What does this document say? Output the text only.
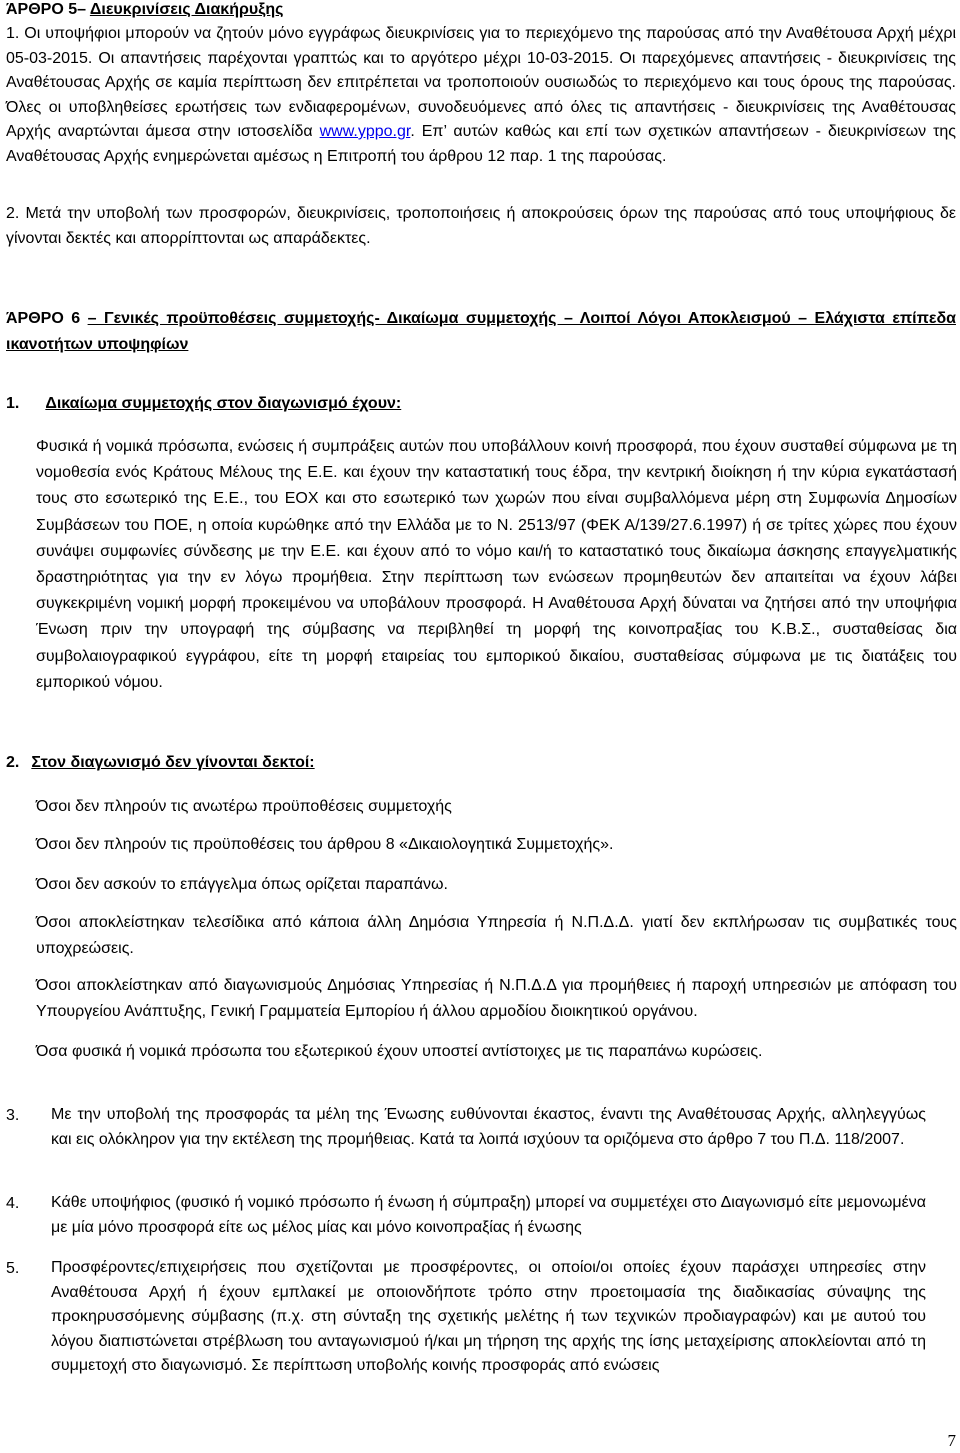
ΆΡΘΡΟ 5– Διευκρινίσεις Διακήρυξης

1. Οι υποψήφιοι μπορούν να ζητούν μόνο εγγράφως διευκρινίσεις για το περιεχόμενο της παρούσας από την Αναθέτουσα Αρχή μέχρι 05-03-2015. Οι απαντήσεις παρέχονται γραπτώς και το αργότερο μέχρι 10-03-2015. Οι παρεχόμενες απαντήσεις - διευκρινίσεις της Αναθέτουσας Αρχής σε καμία περίπτωση δεν επιτρέπεται να τροποποιούν ουσιωδώς το περιεχόμενο και τους όρους της παρούσας. Όλες οι υποβληθείσες ερωτήσεις των ενδιαφερομένων, συνοδευόμενες από όλες τις απαντήσεις - διευκρινίσεις της Αναθέτουσας Αρχής αναρτώνται άμεσα στην ιστοσελίδα www.yppo.gr. Επ’ αυτών καθώς και επί των σχετικών απαντήσεων - διευκρινίσεων της Αναθέτουσας Αρχής ενημερώνεται αμέσως η Επιτροπή του άρθρου 12 παρ. 1 της παρούσας.

2. Μετά την υποβολή των προσφορών, διευκρινίσεις, τροποποιήσεις ή αποκρούσεις όρων της παρούσας από τους υποψήφιους δε γίνονται δεκτές και απορρίπτονται ως απαράδεκτες.

ΆΡΘΡΟ 6 – Γενικές προϋποθέσεις συμμετοχής- Δικαίωμα συμμετοχής – Λοιποί Λόγοι Αποκλεισμού – Ελάχιστα επίπεδα ικανοτήτων υποψηφίων
1. Δικαίωμα συμμετοχής στον διαγωνισμό έχουν:

Φυσικά ή νομικά πρόσωπα, ενώσεις ή συμπράξεις αυτών που υποβάλλουν κοινή προσφορά, που έχουν συσταθεί σύμφωνα με τη νομοθεσία ενός Κράτους Μέλους της Ε.Ε. και έχουν την καταστατική τους έδρα, την κεντρική διοίκηση ή την κύρια εγκατάστασή τους στο εσωτερικό της Ε.Ε., του ΕΟΧ και στο εσωτερικό των χωρών που είναι συμβαλλόμενα μέρη στη Συμφωνία Δημοσίων Συμβάσεων του ΠΟΕ, η οποία κυρώθηκε από την Ελλάδα με το Ν. 2513/97 (ΦΕΚ Α/139/27.6.1997) ή σε τρίτες χώρες που έχουν συνάψει συμφωνίες σύνδεσης με την Ε.Ε. και έχουν από το νόμο και/ή το καταστατικό τους δικαίωμα άσκησης επαγγελματικής δραστηριότητας για την εν λόγω προμήθεια. Στην περίπτωση των ενώσεων προμηθευτών δεν απαιτείται να έχουν λάβει συγκεκριμένη νομική μορφή προκειμένου να υποβάλουν προσφορά. Η Αναθέτουσα Αρχή δύναται να ζητήσει από την υποψήφια Ένωση πριν την υπογραφή της σύμβασης να περιβληθεί τη μορφή της κοινοπραξίας του Κ.Β.Σ., συσταθείσας δια συμβολαιογραφικού εγγράφου, είτε τη μορφή εταιρείας του εμπορικού δικαίου, συσταθείσας σύμφωνα με τις διατάξεις του εμπορικού νόμου.

2. Στον διαγωνισμό δεν γίνονται δεκτοί:

Όσοι δεν πληρούν τις ανωτέρω προϋποθέσεις συμμετοχής

Όσοι δεν πληρούν τις προϋποθέσεις του άρθρου 8 «Δικαιολογητικά Συμμετοχής».

Όσοι δεν ασκούν το επάγγελμα όπως ορίζεται παραπάνω.

Όσοι αποκλείστηκαν τελεσίδικα από κάποια άλλη Δημόσια Υπηρεσία ή Ν.Π.Δ.Δ. γιατί δεν εκπλήρωσαν τις συμβατικές τους υποχρεώσεις.

Όσοι αποκλείστηκαν από διαγωνισμούς Δημόσιας Υπηρεσίας ή Ν.Π.Δ.Δ για προμήθειες ή παροχή υπηρεσιών με απόφαση του Υπουργείου Ανάπτυξης, Γενική Γραμματεία Εμπορίου ή άλλου αρμοδίου διοικητικού οργάνου.

Όσα φυσικά ή νομικά πρόσωπα του εξωτερικού έχουν υποστεί αντίστοιχες με τις παραπάνω κυρώσεις.

3.	Με την υποβολή της προσφοράς τα μέλη της Ένωσης ευθύνονται έκαστος, έναντι της Αναθέτουσας Αρχής, αλληλεγγύως και εις ολόκληρον για την εκτέλεση της προμήθειας. Κατά τα λοιπά ισχύουν τα οριζόμενα στο άρθρο 7 του Π.Δ. 118/2007.

4.	Κάθε υποψήφιος (φυσικό ή νομικό πρόσωπο ή ένωση ή σύμπραξη) μπορεί να συμμετέχει στο Διαγωνισμό είτε μεμονωμένα με μία μόνο προσφορά είτε ως μέλος μίας και μόνο κοινοπραξίας ή ένωσης

5.	Προσφέροντες/επιχειρήσεις που σχετίζονται με προσφέροντες, οι οποίοι/οι οποίες έχουν παράσχει υπηρεσίες στην Αναθέτουσα Αρχή ή έχουν εμπλακεί με οποιονδήποτε τρόπο στην προετοιμασία της διαδικασίας σύναψης της προκηρυσσόμενης σύμβασης (π.χ. στη σύνταξη της σχετικής μελέτης ή των τεχνικών προδιαγραφών) και με αυτού του λόγου διαπιστώνεται στρέβλωση του ανταγωνισμού ή/και μη τήρηση της αρχής της ίσης μεταχείρισης αποκλείονται από τη συμμετοχή στο διαγωνισμό. Σε περίπτωση υποβολής κοινής προσφοράς από ενώσεις

7
